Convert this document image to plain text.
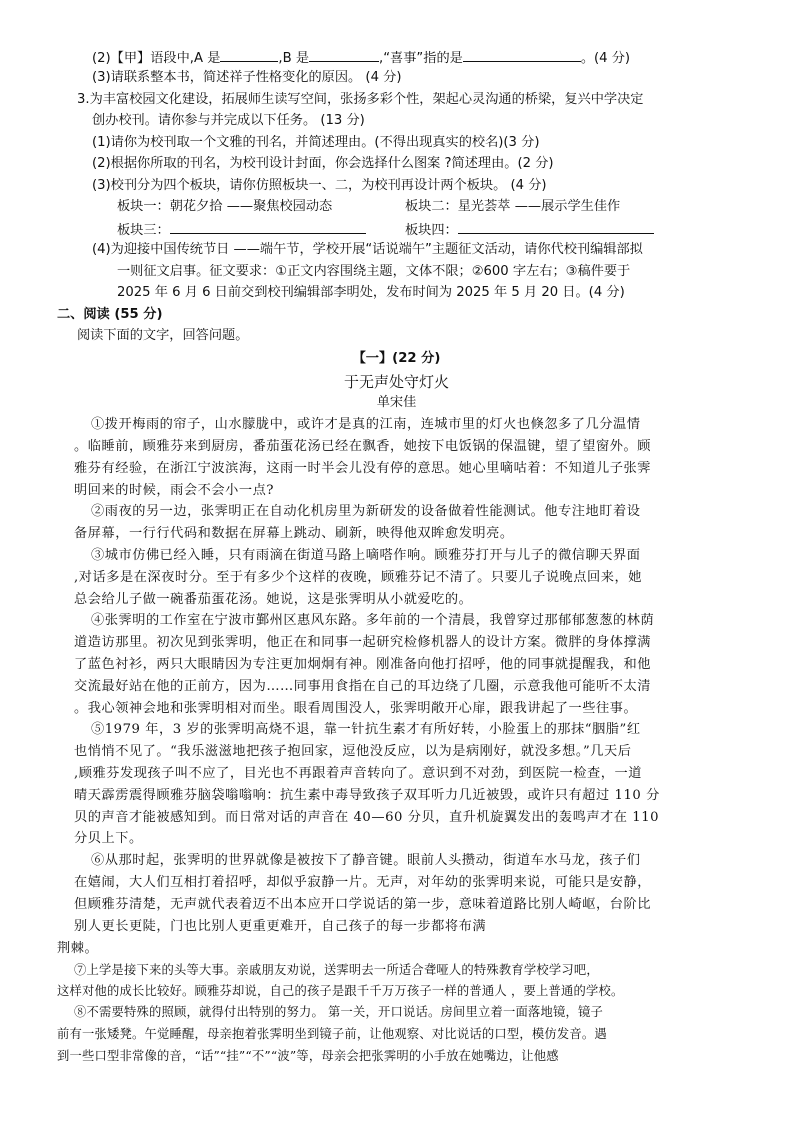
(2)【甲】语段中,A 是	,B 是	,“喜事”指的是	。(4 分)
(3)请联系整本书，简述祥子性格变化的原因。 (4 分)
3.为丰富校园文化建设，拓展师生读写空间，张扬多彩个性，架起心灵沟通的桥梁，复兴中学决定
创办校刊。请你参与并完成以下任务。 (13 分)
(1)请你为校刊取一个文雅的刊名，并简述理由。(不得出现真实的校名)(3 分)
(2)根据你所取的刊名，为校刊设计封面，你会选择什么图案 ?简述理由。(2 分)
(3)校刊分为四个板块，请你仿照板块一、二，为校刊再设计两个板块。 (4 分)
板块一：朝花夕拾 ——聚焦校园动态	板块二：星光荟萃 ——展示学生佳作
板块三：	板块四：
(4)为迎接中国传统节日 ——端午节，学校开展“话说端午”主题征文活动，请你代校刊编辑部拟
一则征文启事。征文要求：①正文内容围绕主题，文体不限；②600 字左右；③稿件要于
2025 年 6 月 6 日前交到校刊编辑部李明处，发布时间为 2025 年 5 月 20 日。(4 分)
二、阅读 (55 分)
阅读下面的文字，回答问题。
【一】(22 分)
于无声处守灯火
单宋佳
①拨开梅雨的帘子，山水朦胧中，或许才是真的江南，连城市里的灯火也倏忽多了几分温情
。临睡前，顾雅芬来到厨房，番茄蛋花汤已经在飘香，她按下电饭锅的保温键，望了望窗外。顾
雅芬有经验，在浙江宁波滨海，这雨一时半会儿没有停的意思。她心里嘀咕着：不知道儿子张霁
明回来的时候，雨会不会小一点?
②雨夜的另一边，张霁明正在自动化机房里为新研发的设备做着性能测试。他专注地盯着设
备屏幕，一行行代码和数据在屏幕上跳动、刷新，映得他双眸愈发明亮。
③城市仿佛已经入睡，只有雨滴在街道马路上嘀嗒作响。顾雅芬打开与儿子的微信聊天界面
,对话多是在深夜时分。至于有多少个这样的夜晚，顾雅芬记不清了。只要儿子说晚点回来，她
总会给儿子做一碗番茄蛋花汤。她说，这是张霁明从小就爱吃的。
④张霁明的工作室在宁波市鄞州区惠风东路。多年前的一个清晨，我曾穿过那郁郁葱葱的林荫
道造访那里。初次见到张霁明，他正在和同事一起研究检修机器人的设计方案。微胖的身体撑满
了蓝色衬衫，两只大眼睛因为专注更加炯炯有神。刚准备向他打招呼，他的同事就提醒我，和他
交流最好站在他的正前方，因为……同事用食指在自己的耳边绕了几圈，示意我他可能听不太清
。我心领神会地和张霁明相对而坐。眼看周围没人，张霁明敞开心扉，跟我讲起了一些往事。
⑤1979 年，3 岁的张霁明高烧不退，靠一针抗生素才有所好转，小脸蛋上的那抹“胭脂”红
也悄悄不见了。“我乐滋滋地把孩子抱回家，逗他没反应，以为是病刚好，就没多想。”几天后
,顾雅芬发现孩子叫不应了，目光也不再跟着声音转向了。意识到不对劲，到医院一检查，一道
晴天霹雳震得顾雅芬脑袋嗡嗡响：抗生素中毒导致孩子双耳听力几近被毁，或许只有超过 110 分
贝的声音才能被感知到。而日常对话的声音在 40—60 分贝，直升机旋翼发出的轰鸣声才在 110
分贝上下。
⑥从那时起，张霁明的世界就像是被按下了静音键。眼前人头攒动，街道车水马龙，孩子们
在嬉闹，大人们互相打着招呼，却似乎寂静一片。无声，对年幼的张霁明来说，可能只是安静，
但顾雅芬清楚，无声就代表着迈不出本应开口学说话的第一步，意味着道路比别人崎岖，台阶比
别人更长更陡，门也比别人更重更难开，自己孩子的每一步都将布满
荆棘。
⑦上学是接下来的头等大事。亲戚朋友劝说，送霁明去一所适合聋哑人的特殊教育学校学习吧，
这样对他的成长比较好。顾雅芬却说，自己的孩子是跟千千万万孩子一样的普通人 ，要上普通的学校。
⑧不需要特殊的照顾，就得付出特别的努力。 第一关，开口说话。房间里立着一面落地镜，镜子
前有一张矮凳。午觉睡醒，母亲抱着张霁明坐到镜子前，让他观察、对比说话的口型，模仿发音。遇
到一些口型非常像的音，“话”“挂”“不”“波”等，母亲会把张霁明的小手放在她嘴边，让他感
